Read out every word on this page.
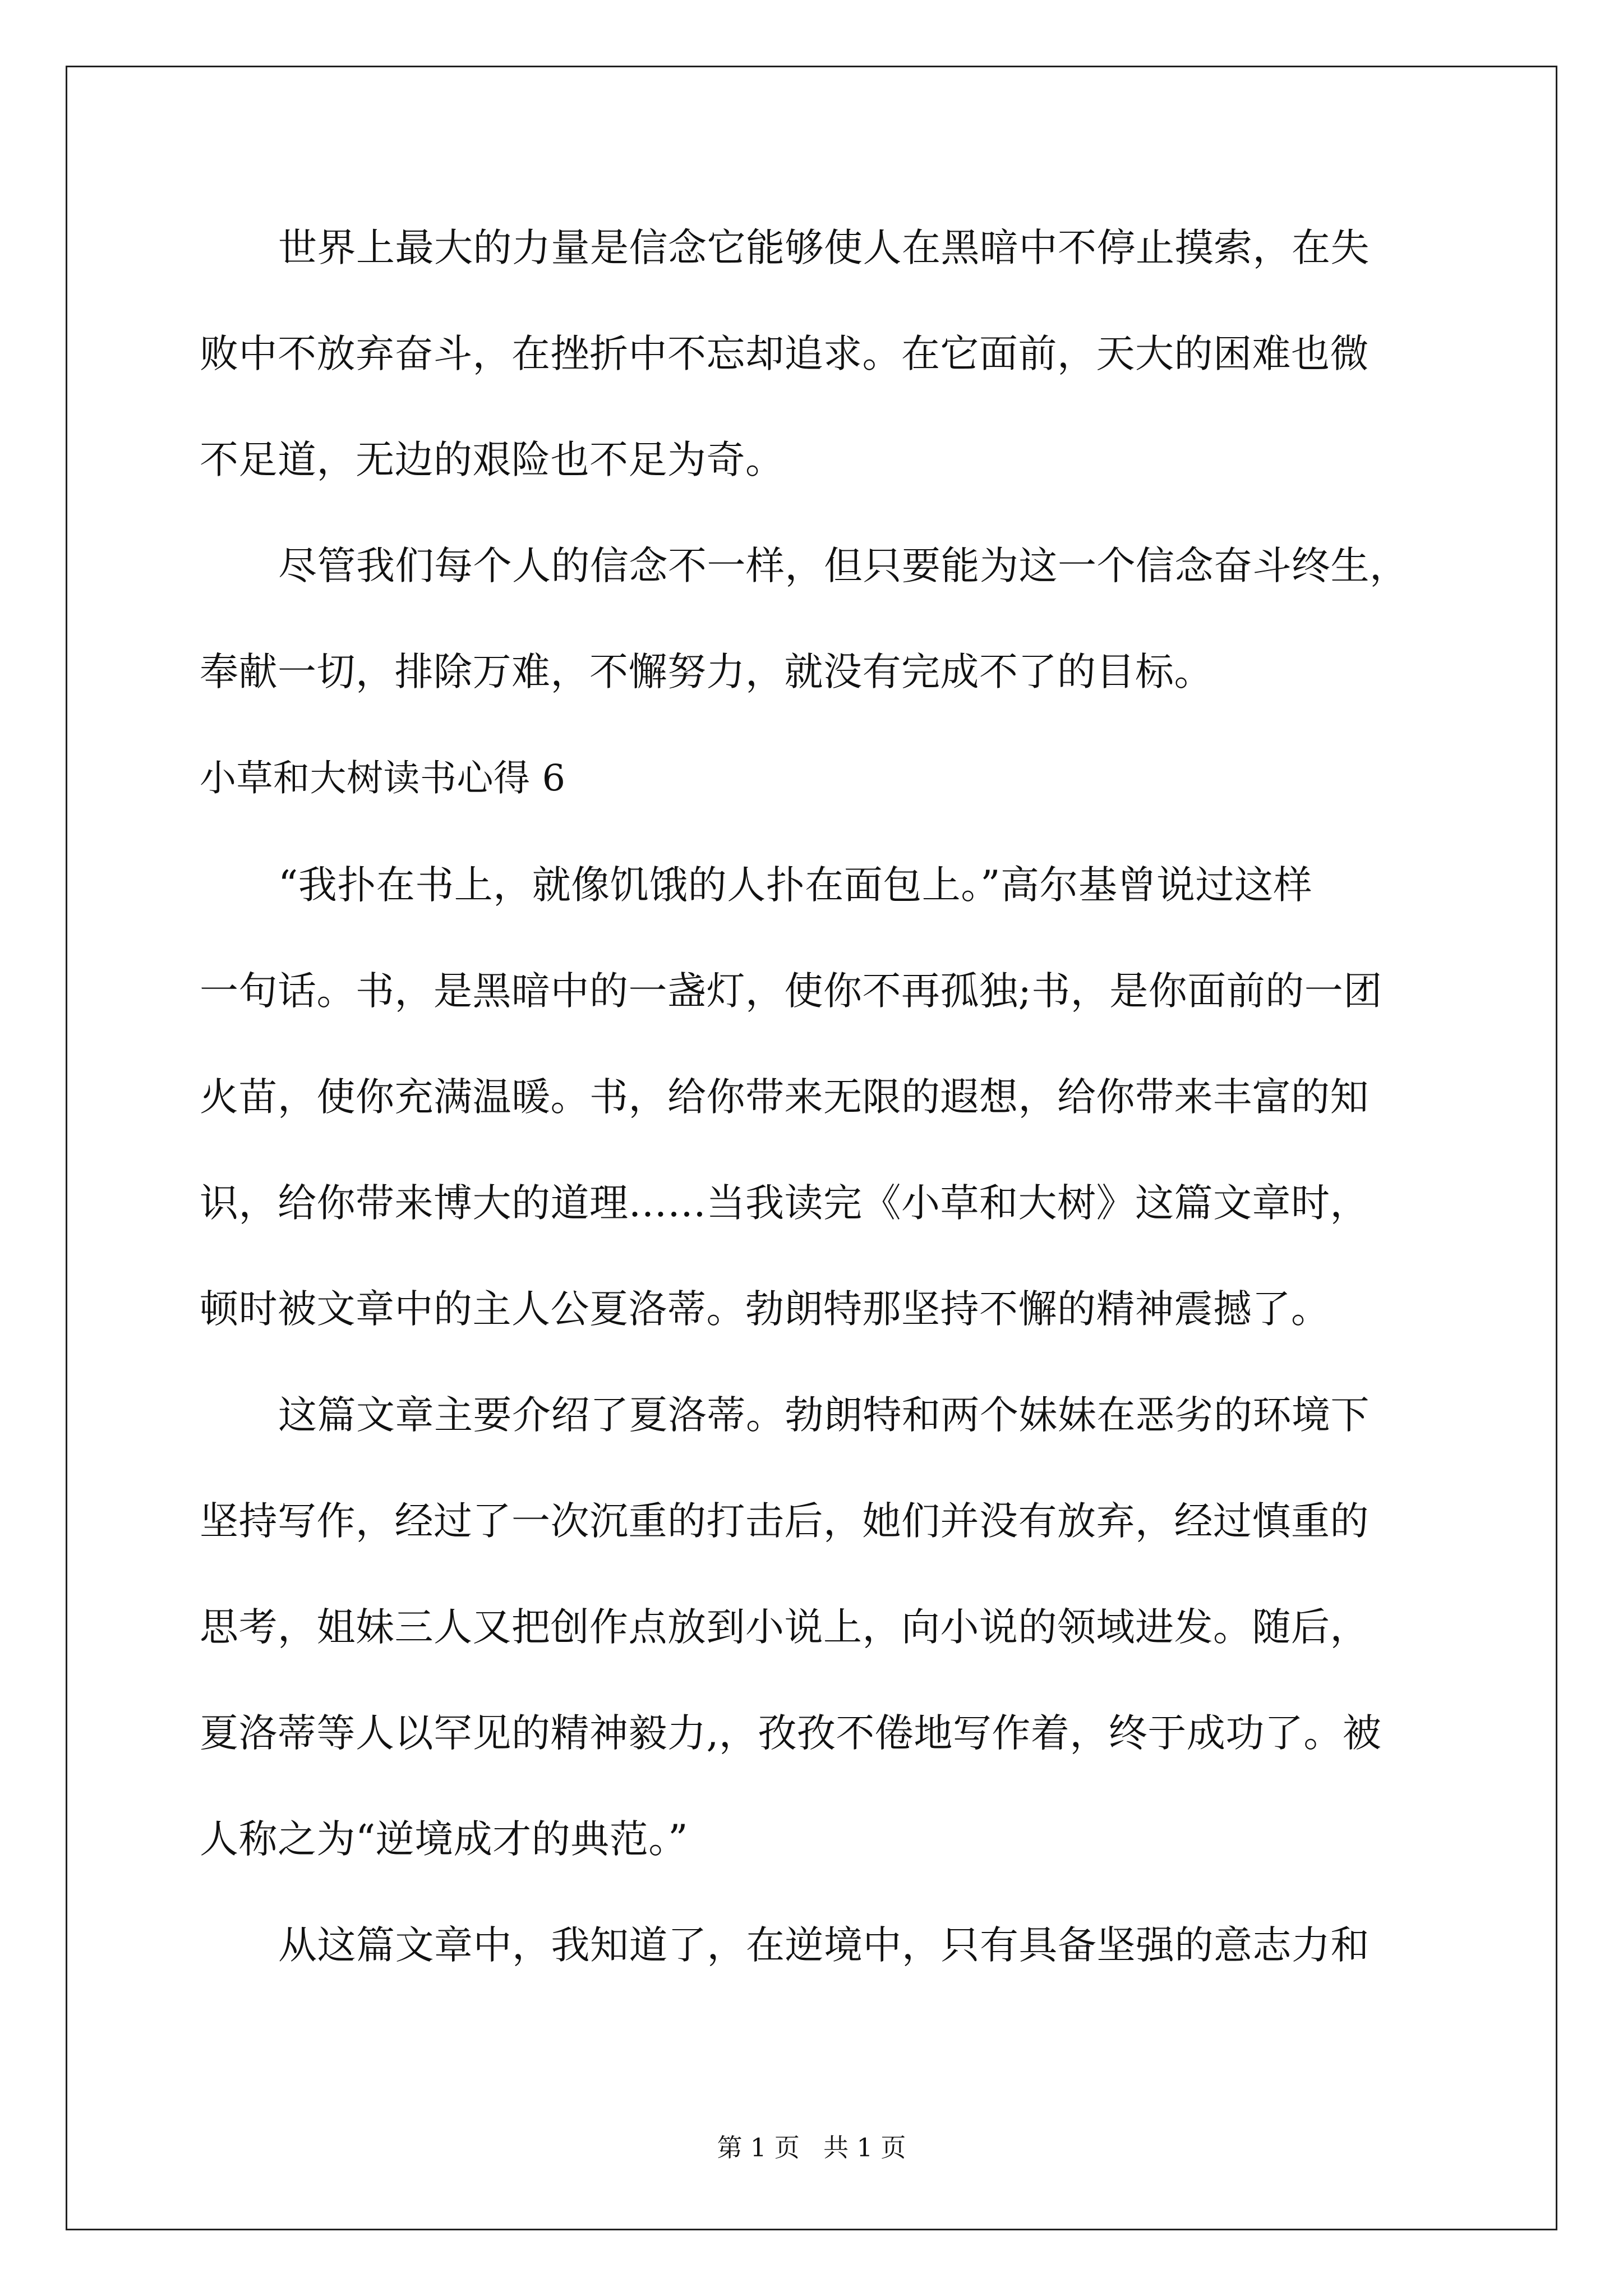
世界上最大的力量是信念它能够使人在黑暗中不停止摸索，在失
败中不放弃奋斗，在挫折中不忘却追求。在它面前，天大的困难也微
不足道，无边的艰险也不足为奇。
尽管我们每个人的信念不一样，但只要能为这一个信念奋斗终生，
奉献一切，排除万难，不懈努力，就没有完成不了的目标。
小草和大树读书心得 6
“我扑在书上，就像饥饿的人扑在面包上。”高尔基曾说过这样
一句话。书，是黑暗中的一盏灯，使你不再孤独;书，是你面前的一团
火苗，使你充满温暖。书，给你带来无限的遐想，给你带来丰富的知
识，给你带来博大的道理……当我读完《小草和大树》这篇文章时，
顿时被文章中的主人公夏洛蒂。勃朗特那坚持不懈的精神震撼了。
这篇文章主要介绍了夏洛蒂。勃朗特和两个妹妹在恶劣的环境下
坚持写作，经过了一次沉重的打击后，她们并没有放弃，经过慎重的
思考，姐妹三人又把创作点放到小说上，向小说的领域进发。随后，
夏洛蒂等人以罕见的精神毅力,，孜孜不倦地写作着，终于成功了。被
人称之为“逆境成才的典范。”
从这篇文章中，我知道了，在逆境中，只有具备坚强的意志力和
第 1 页 共 1 页
